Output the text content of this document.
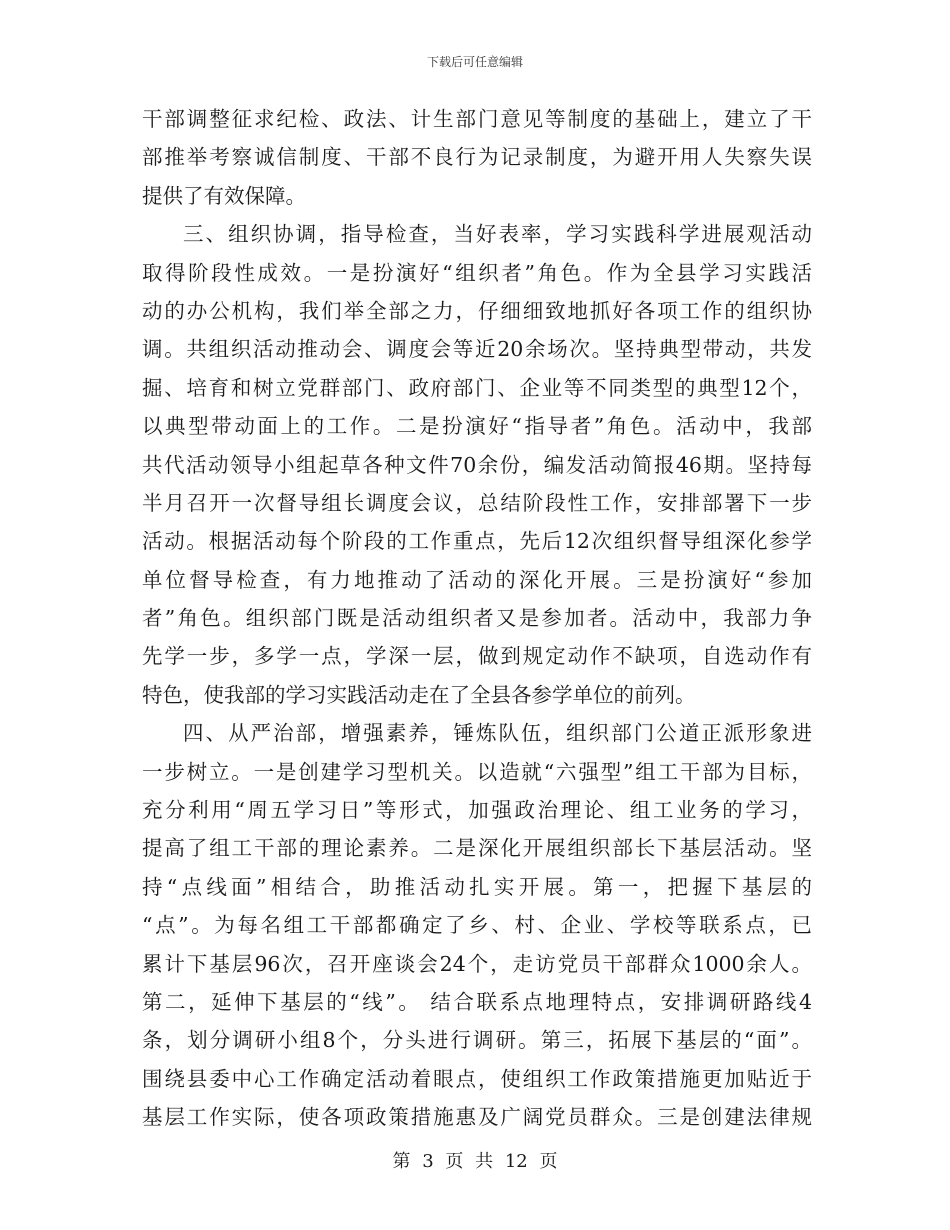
下载后可任意编辑
干部调整征求纪检、政法、计生部门意见等制度的基础上，建立了干
部推举考察诚信制度、干部不良行为记录制度，为避开用人失察失误
提供了有效保障。
三、组织协调，指导检查，当好表率，学习实践科学进展观活动
取得阶段性成效。一是扮演好“组织者”角色。作为全县学习实践活
动的办公机构，我们举全部之力，仔细细致地抓好各项工作的组织协
调。共组织活动推动会、调度会等近20余场次。坚持典型带动，共发
掘、培育和树立党群部门、政府部门、企业等不同类型的典型12个，
以典型带动面上的工作。二是扮演好“指导者”角色。活动中，我部
共代活动领导小组起草各种文件70余份，编发活动简报46期。坚持每
半月召开一次督导组长调度会议，总结阶段性工作，安排部署下一步
活动。根据活动每个阶段的工作重点，先后12次组织督导组深化参学
单位督导检查，有力地推动了活动的深化开展。三是扮演好“参加
者”角色。组织部门既是活动组织者又是参加者。活动中，我部力争
先学一步，多学一点，学深一层，做到规定动作不缺项，自选动作有
特色，使我部的学习实践活动走在了全县各参学单位的前列。
四、从严治部，增强素养，锤炼队伍，组织部门公道正派形象进
一步树立。一是创建学习型机关。以造就“六强型”组工干部为目标，
充分利用“周五学习日”等形式，加强政治理论、组工业务的学习，
提高了组工干部的理论素养。二是深化开展组织部长下基层活动。坚
持“点线面”相结合，助推活动扎实开展。第一，把握下基层的
“点”。为每名组工干部都确定了乡、村、企业、学校等联系点，已
累计下基层96次，召开座谈会24个，走访党员干部群众1000余人。
第二，延伸下基层的“线”。 结合联系点地理特点，安排调研路线4
条，划分调研小组8个，分头进行调研。第三，拓展下基层的“面”。
围绕县委中心工作确定活动着眼点，使组织工作政策措施更加贴近于
基层工作实际，使各项政策措施惠及广阔党员群众。三是创建法律规
第 3 页 共 12 页
